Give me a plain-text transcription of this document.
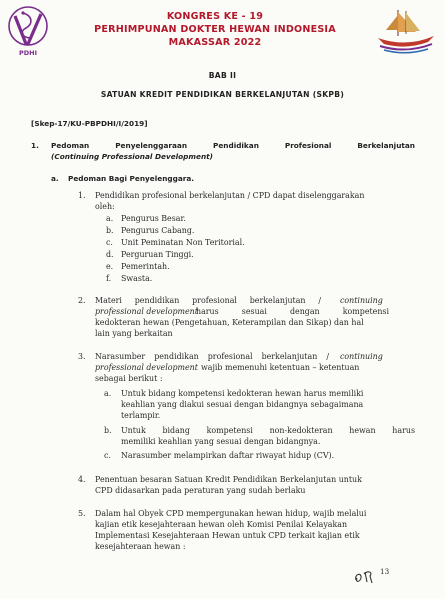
PDHI
KONGRES KE - 19
PERHIMPUNAN DOKTER HEWAN INDONESIA
MAKASSAR 2022
BAB II
SATUAN KREDIT PENDIDIKAN BERKELANJUTAN (SKPB)
[Skep-17/KU-PBPDHI/I/2019]
1. Pedoman Penyelenggaraan Pendidikan Profesional Berkelanjutan
(Continuing Professional Development)
a. Pedoman Bagi Penyelenggara.
1. Pendidikan profesional berkelanjutan / CPD dapat diselenggarakan
oleh:
a. Pengurus Besar.
b. Pengurus Cabang.
c. Unit Peminatan Non Teritorial.
d. Perguruan Tinggi.
e. Pemerintah.
f. Swasta.
2. Materi pendidikan profesional berkelanjutan / continuing
professional development
harus sesuai dengan kompetensi
kedokteran hewan (Pengetahuan, Keterampilan dan Sikap) dan hal
lain yang berkaitan
3. Narasumber pendidikan profesional berkelanjutan / continuing
professional development wajib memenuhi ketentuan – ketentuan
sebagai berikut :
a. Untuk bidang kompetensi kedokteran hewan harus memiliki
keahlian yang diakui sesuai dengan bidangnya sebagaimana
terlampir.
b. Untuk bidang kompetensi non-kedokteran hewan harus
memiliki keahlian yang sesuai dengan bidangnya.
c. Narasumber melampirkan daftar riwayat hidup (CV).
4. Penentuan besaran Satuan Kredit Pendidikan Berkelanjutan untuk
CPD didasarkan pada peraturan yang sudah berlaku
5. Dalam hal Obyek CPD mempergunakan hewan hidup, wajib melalui
kajian etik kesejahteraan hewan oleh Komisi Penilai Kelayakan
Implementasi Kesejahteraan Hewan untuk CPD terkait kajian etik
kesejahteraan hewan :
13
